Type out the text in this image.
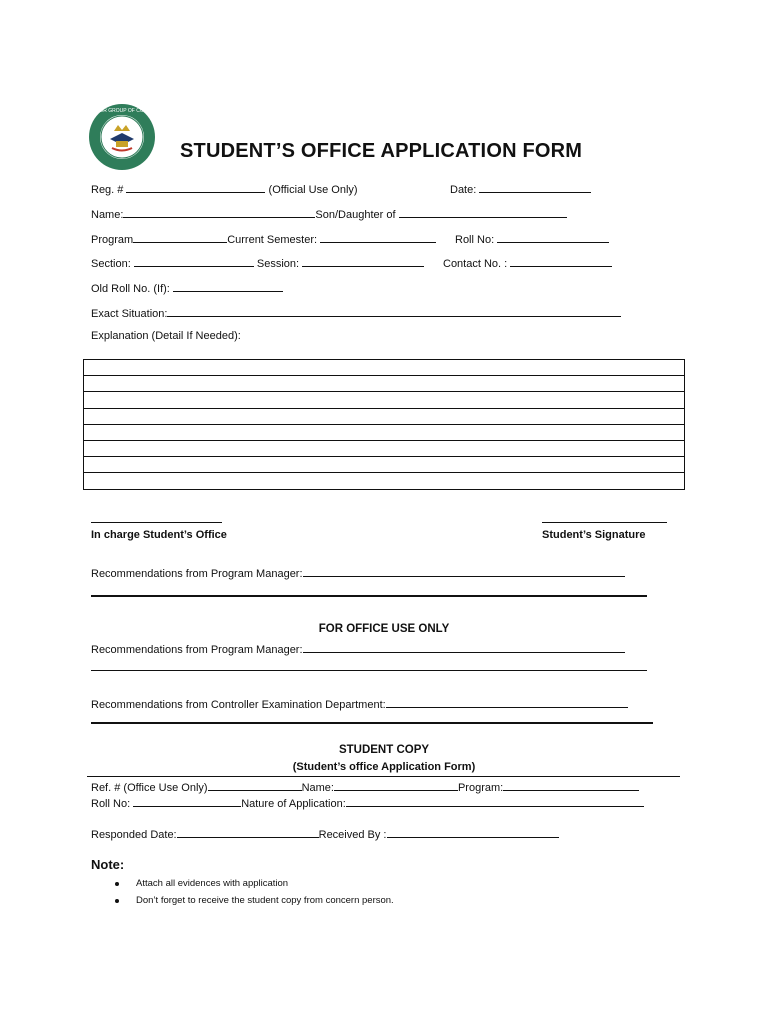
SUPERIOR GROUP OF COLLEGES
STUDENT’S OFFICE APPLICATION FORM
Reg. #	(Official Use Only)	Date:
Name:	Son/Daughter of
Program	Current Semester:	Roll No:
Section:	Session:	Contact No. :
Old Roll No. (If):
Exact Situation:
Explanation (Detail If Needed):
In charge Student’s Office	Student’s Signature
Recommendations from Program Manager:
FOR OFFICE USE ONLY
Recommendations from Program Manager:
Recommendations from Controller Examination Department:
STUDENT COPY
(Student’s office Application Form)
Ref. # (Office Use Only)	Name:	Program:
Roll No:	Nature of Application:
Responded Date:	Received By :
Note:
Attach all evidences with application
Don’t forget to receive the student copy from concern person.
